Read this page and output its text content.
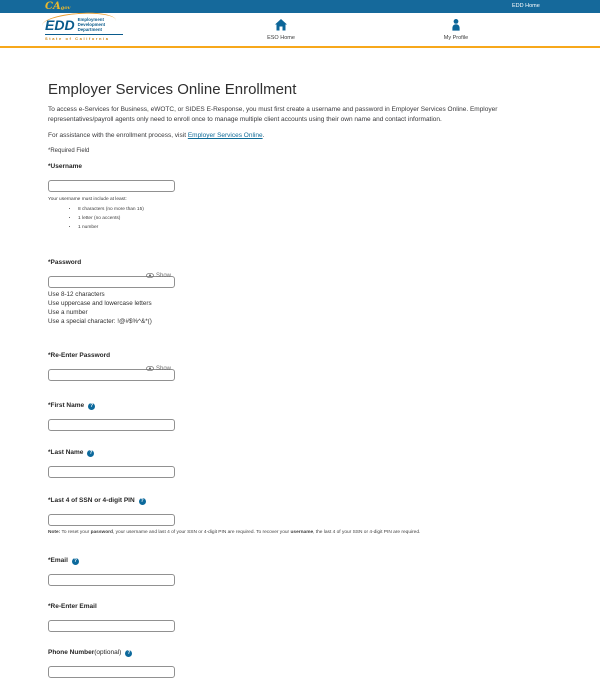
CAgov	EDD Home
EDD Employment
Development
Department
State of California	ESO Home	My Profile
Employer Services Online Enrollment

To access e-Services for Business, eWOTC, or SIDES E-Response, you must first create a username and password in Employer Services Online. Employer representatives/payroll agents only need to enroll once to manage multiple client accounts using their own name and contact information.

For assistance with the enrollment process, visit Employer Services Online.

*Required Field
*Username
Your username must include at least:
• 8 characters (no more than 15)
• 1 letter (no accents)
• 1 number
*Password
Show
Use 8-12 characters
Use uppercase and lowercase letters
Use a number
Use a special character: !@#$%^&*()
*Re-Enter Password
Show
*First Name	?
*Last Name	?
*Last 4 of SSN or 4-digit PIN	?
Note: To reset your password, your username and last 4 of your SSN or 4-digit PIN are required. To recover your username, the last 4 of your SSN or 4-digit PIN are required.
*Email	?
*Re-Enter Email
Phone Number (optional)	?
